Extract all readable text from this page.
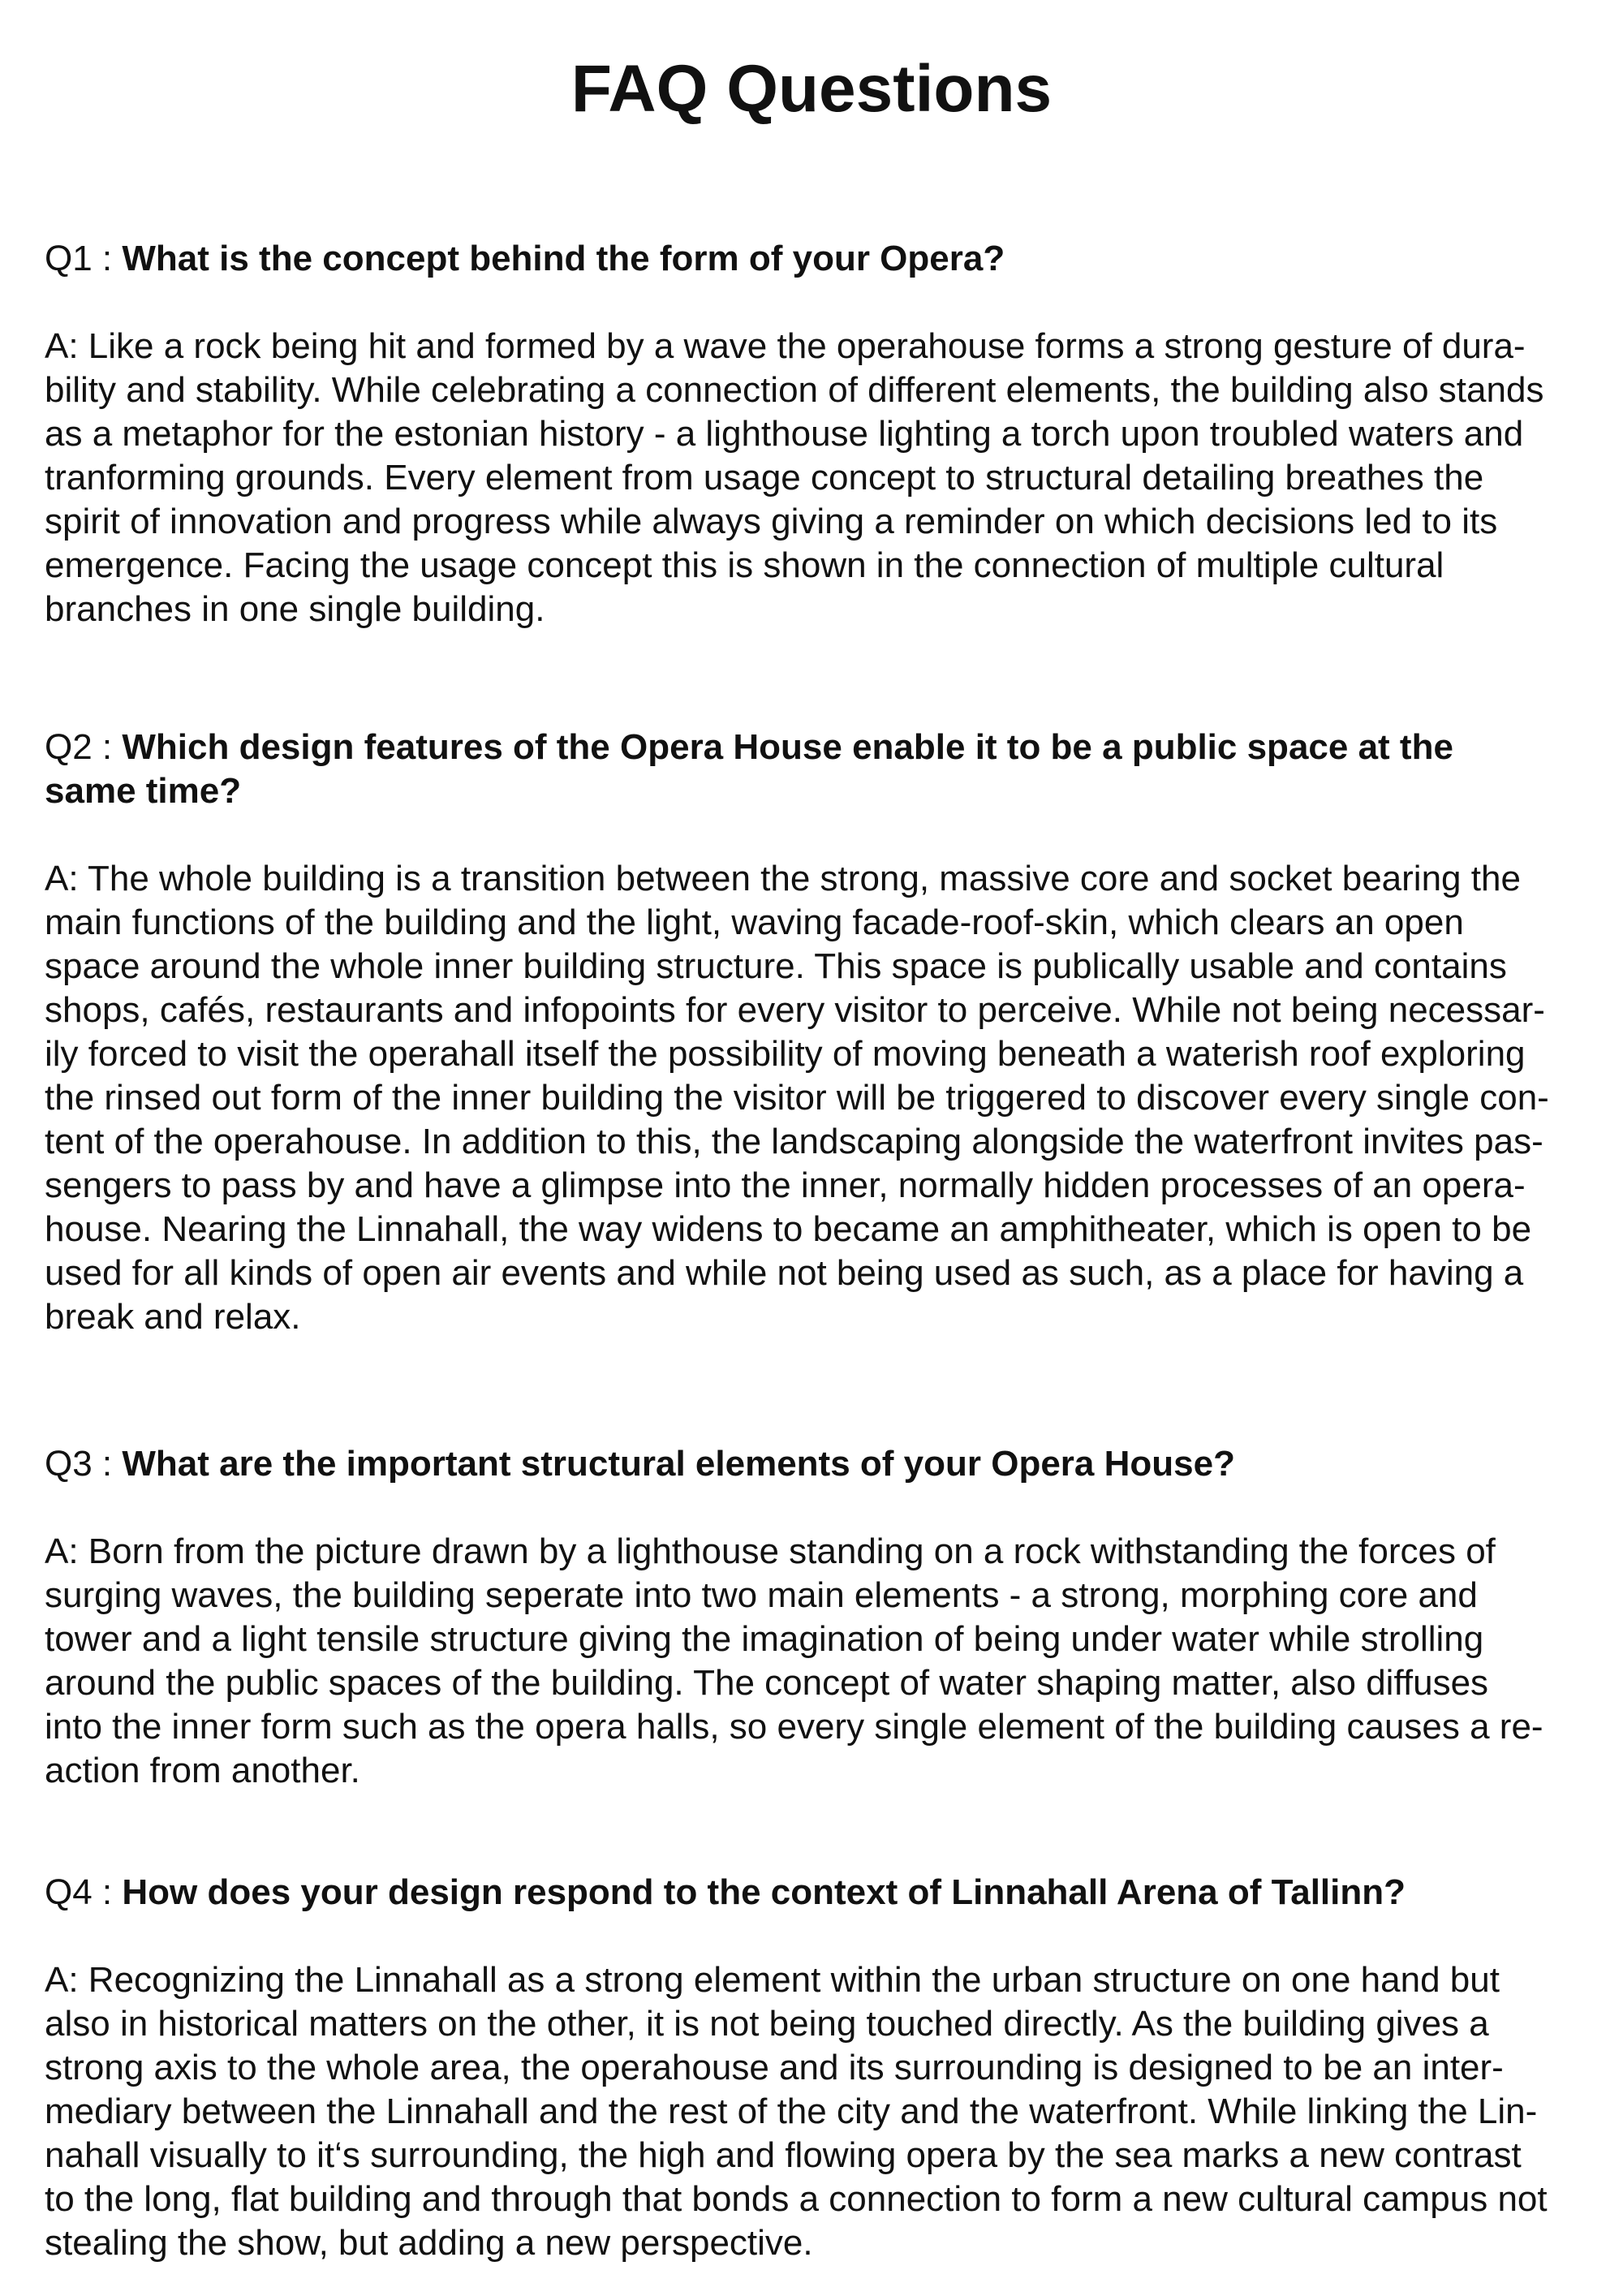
FAQ Questions

Q1 : What is the concept behind the form of your Opera?

A: Like a rock being hit and formed by a wave the operahouse forms a strong gesture of dura-
bility and stability. While celebrating a connection of different elements, the building also stands
as a metaphor for the estonian history - a lighthouse lighting a torch upon troubled waters and
tranforming grounds. Every element from usage concept to structural detailing breathes the
spirit of innovation and progress while always giving a reminder on which decisions led to its
emergence. Facing the usage concept this is shown in the connection of multiple cultural
branches in one single building.

Q2 : Which design features of the Opera House enable it to be a public space at the

same time?

A: The whole building is a transition between the strong, massive core and socket bearing the
main functions of the building and the light, waving facade-roof-skin, which clears an open
space around the whole inner building structure. This space is publically usable and contains
shops, cafés, restaurants and infopoints for every visitor to perceive. While not being necessar-
ily forced to visit the operahall itself the possibility of moving beneath a waterish roof exploring
the rinsed out form of the inner building the visitor will be triggered to discover every single con-
tent of the operahouse. In addition to this, the landscaping alongside the waterfront invites pas-
sengers to pass by and have a glimpse into the inner, normally hidden processes of an opera-
house. Nearing the Linnahall, the way widens to became an amphitheater, which is open to be
used for all kinds of open air events and while not being used as such, as a place for having a
break and relax.

Q3 : What are the important structural elements of your Opera House?

A: Born from the picture drawn by a lighthouse standing on a rock withstanding the forces of
surging waves, the building seperate into two main elements - a strong, morphing core and
tower and a light tensile structure giving the imagination of being under water while strolling
around the public spaces of the building. The concept of water shaping matter, also diffuses
into the inner form such as the opera halls, so every single element of the building causes a re-
action from another.

Q4 : How does your design respond to the context of Linnahall Arena of Tallinn?

A: Recognizing the Linnahall as a strong element within the urban structure on one hand but
also in historical matters on the other, it is not being touched directly. As the building gives a
strong axis to the whole area, the operahouse and its surrounding is designed to be an inter-
mediary between the Linnahall and the rest of the city and the waterfront. While linking the Lin-
nahall visually to it‘s surrounding, the high and flowing opera by the sea marks a new contrast
to the long, flat building and through that bonds a connection to form a new cultural campus not
stealing the show, but adding a new perspective.
